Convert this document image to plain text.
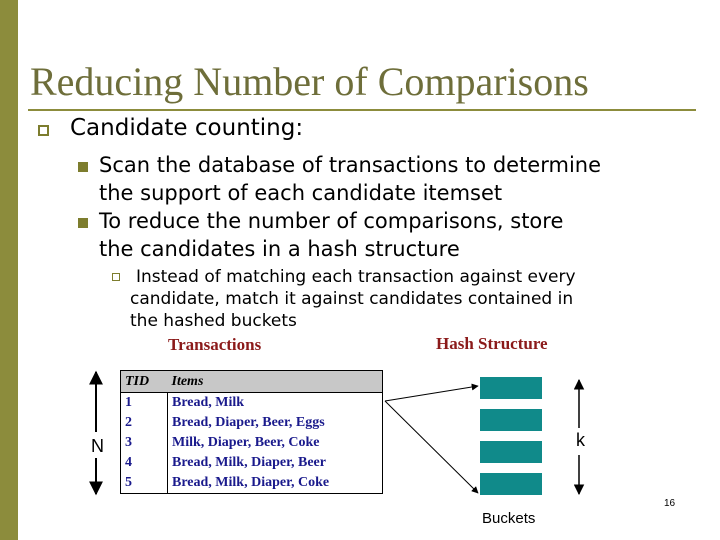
Reducing Number of Comparisons
Candidate counting:
Scan the database of transactions to determine
the support of each candidate itemset
To reduce the number of comparisons, store
the candidates in a hash structure
Instead of matching each transaction against every
candidate, match it against candidates contained in
the hashed buckets
Transactions	Hash Structure
TID	Items
1	Bread, Milk
2	Bread, Diaper, Beer, Eggs
3	Milk, Diaper, Beer, Coke
4	Bread, Milk, Diaper, Beer
5	Bread, Milk, Diaper, Coke
N	k
Buckets
16
